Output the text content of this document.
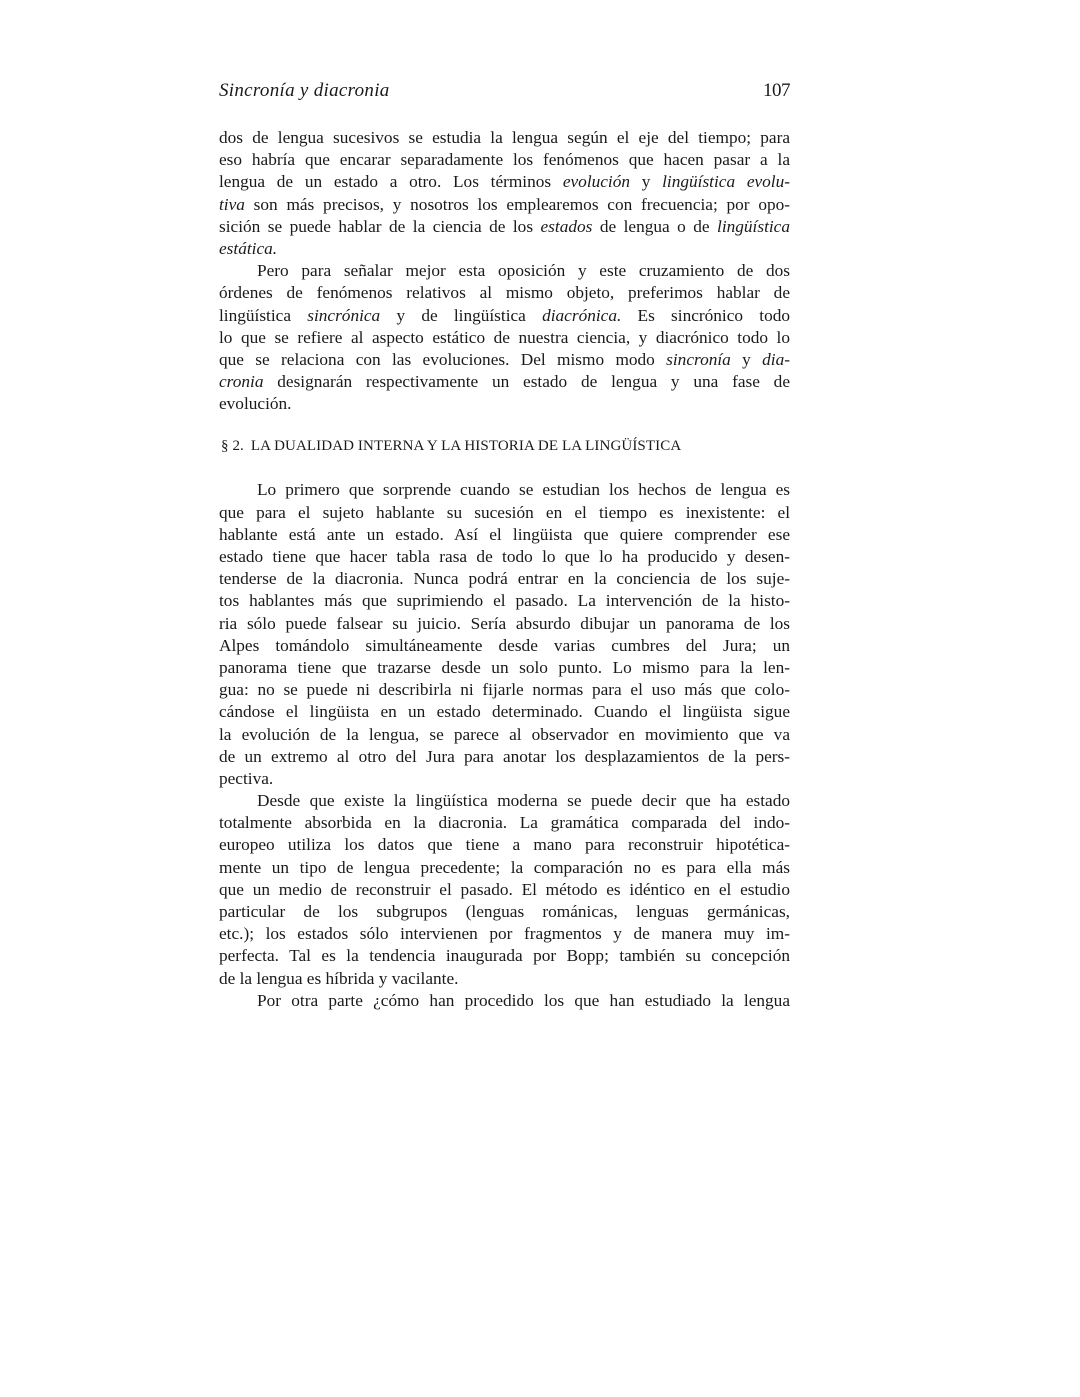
Sincronía y diacronia	107
dos de lengua sucesivos se estudia la lengua según el eje del tiempo; para
eso habría que encarar separadamente los fenómenos que hacen pasar a la
lengua de un estado a otro. Los términos evolución y lingüística evolu-
tiva son más precisos, y nosotros los emplearemos con frecuencia; por opo-
sición se puede hablar de la ciencia de los estados de lengua o de lingüística
estática.
Pero para señalar mejor esta oposición y este cruzamiento de dos
órdenes de fenómenos relativos al mismo objeto, preferimos hablar de
lingüística sincrónica y de lingüística diacrónica. Es sincrónico todo
lo que se refiere al aspecto estático de nuestra ciencia, y diacrónico todo lo
que se relaciona con las evoluciones. Del mismo modo sincronía y dia-
cronia designarán respectivamente un estado de lengua y una fase de
evolución.
§ 2. LA DUALIDAD INTERNA Y LA HISTORIA DE LA LINGÜÍSTICA
Lo primero que sorprende cuando se estudian los hechos de lengua es
que para el sujeto hablante su sucesión en el tiempo es inexistente: el
hablante está ante un estado. Así el lingüista que quiere comprender ese
estado tiene que hacer tabla rasa de todo lo que lo ha producido y desen-
tenderse de la diacronia. Nunca podrá entrar en la conciencia de los suje-
tos hablantes más que suprimiendo el pasado. La intervención de la histo-
ria sólo puede falsear su juicio. Sería absurdo dibujar un panorama de los
Alpes tomándolo simultáneamente desde varias cumbres del Jura; un
panorama tiene que trazarse desde un solo punto. Lo mismo para la len-
gua: no se puede ni describirla ni fijarle normas para el uso más que colo-
cándose el lingüista en un estado determinado. Cuando el lingüista sigue
la evolución de la lengua, se parece al observador en movimiento que va
de un extremo al otro del Jura para anotar los desplazamientos de la pers-
pectiva.
Desde que existe la lingüística moderna se puede decir que ha estado
totalmente absorbida en la diacronia. La gramática comparada del indo-
europeo utiliza los datos que tiene a mano para reconstruir hipotética-
mente un tipo de lengua precedente; la comparación no es para ella más
que un medio de reconstruir el pasado. El método es idéntico en el estudio
particular de los subgrupos (lenguas románicas, lenguas germánicas,
etc.); los estados sólo intervienen por fragmentos y de manera muy im-
perfecta. Tal es la tendencia inaugurada por Bopp; también su concepción
de la lengua es híbrida y vacilante.
Por otra parte ¿cómo han procedido los que han estudiado la lengua
